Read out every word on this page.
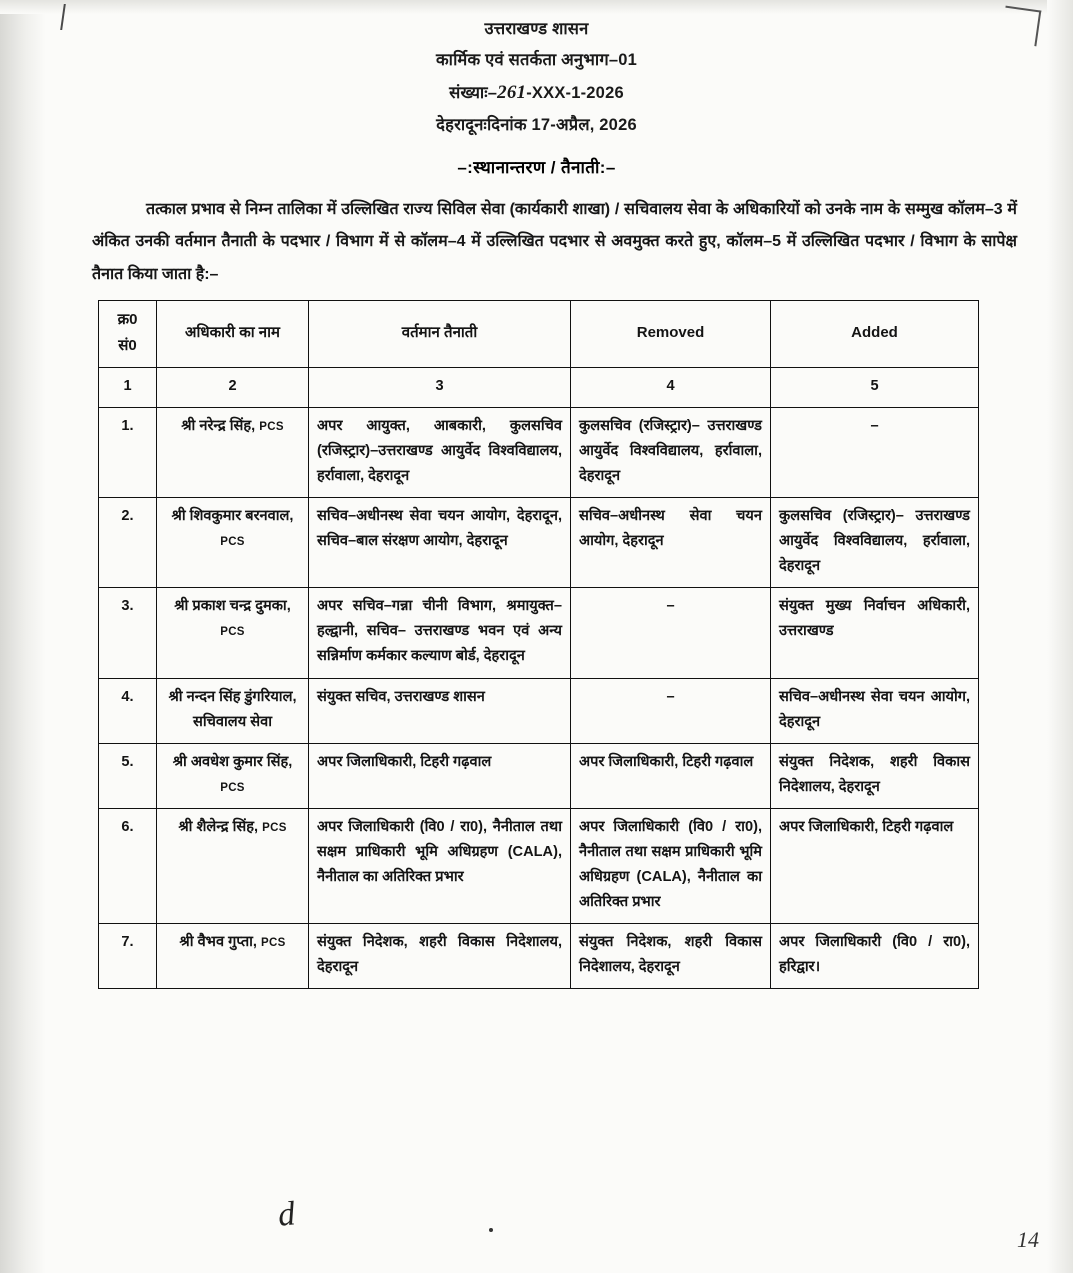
उत्तराखण्ड शासन
कार्मिक एवं सतर्कता अनुभाग–01
संख्याः–261-XXX-1-2026
देहरादूनःदिनांक 17-अप्रैल, 2026
–:स्थानान्तरण / तैनाती:–
तत्काल प्रभाव से निम्न तालिका में उल्लिखित राज्य सिविल सेवा (कार्यकारी शाखा) / सचिवालय सेवा के अधिकारियों को उनके नाम के सम्मुख कॉलम–3 में अंकित उनकी वर्तमान तैनाती के पदभार / विभाग में से कॉलम–4 में उल्लिखित पदभार से अवमुक्त करते हुए, कॉलम–5 में उल्लिखित पदभार / विभाग के सापेक्ष तैनात किया जाता है:–
क्र0 सं0	अधिकारी का नाम	वर्तमान तैनाती	Removed	Added
1	2	3	4	5
1.	श्री नरेन्द्र सिंह, PCS	अपर आयुक्त, आबकारी, कुलसचिव (रजिस्ट्रार)–उत्तराखण्ड आयुर्वेद विश्वविद्यालय, हर्रावाला, देहरादून	कुलसचिव (रजिस्ट्रार)– उत्तराखण्ड आयुर्वेद विश्वविद्यालय, हर्रावाला, देहरादून	–
2.	श्री शिवकुमार बरनवाल, PCS	सचिव–अधीनस्थ सेवा चयन आयोग, देहरादून, सचिव–बाल संरक्षण आयोग, देहरादून	सचिव–अधीनस्थ सेवा चयन आयोग, देहरादून	कुलसचिव (रजिस्ट्रार)– उत्तराखण्ड आयुर्वेद विश्वविद्यालय, हर्रावाला, देहरादून
3.	श्री प्रकाश चन्द्र दुमका, PCS	अपर सचिव–गन्ना चीनी विभाग, श्रमायुक्त–हल्द्वानी, सचिव– उत्तराखण्ड भवन एवं अन्य सन्निर्माण कर्मकार कल्याण बोर्ड, देहरादून	–	संयुक्त मुख्य निर्वाचन अधिकारी, उत्तराखण्ड
4.	श्री नन्दन सिंह डुंगरियाल, सचिवालय सेवा	संयुक्त सचिव, उत्तराखण्ड शासन	–	सचिव–अधीनस्थ सेवा चयन आयोग, देहरादून
5.	श्री अवधेश कुमार सिंह, PCS	अपर जिलाधिकारी, टिहरी गढ़वाल	अपर जिलाधिकारी, टिहरी गढ़वाल	संयुक्त निदेशक, शहरी विकास निदेशालय, देहरादून
6.	श्री शैलेन्द्र सिंह, PCS	अपर जिलाधिकारी (वि0 / रा0), नैनीताल तथा सक्षम प्राधिकारी भूमि अधिग्रहण (CALA), नैनीताल का अतिरिक्त प्रभार	अपर जिलाधिकारी (वि0 / रा0), नैनीताल तथा सक्षम प्राधिकारी भूमि अधिग्रहण (CALA), नैनीताल का अतिरिक्त प्रभार	अपर जिलाधिकारी, टिहरी गढ़वाल
7.	श्री वैभव गुप्ता, PCS	संयुक्त निदेशक, शहरी विकास निदेशालय, देहरादून	संयुक्त निदेशक, शहरी विकास निदेशालय, देहरादून	अपर जिलाधिकारी (वि0 / रा0), हरिद्वार।
d
14
